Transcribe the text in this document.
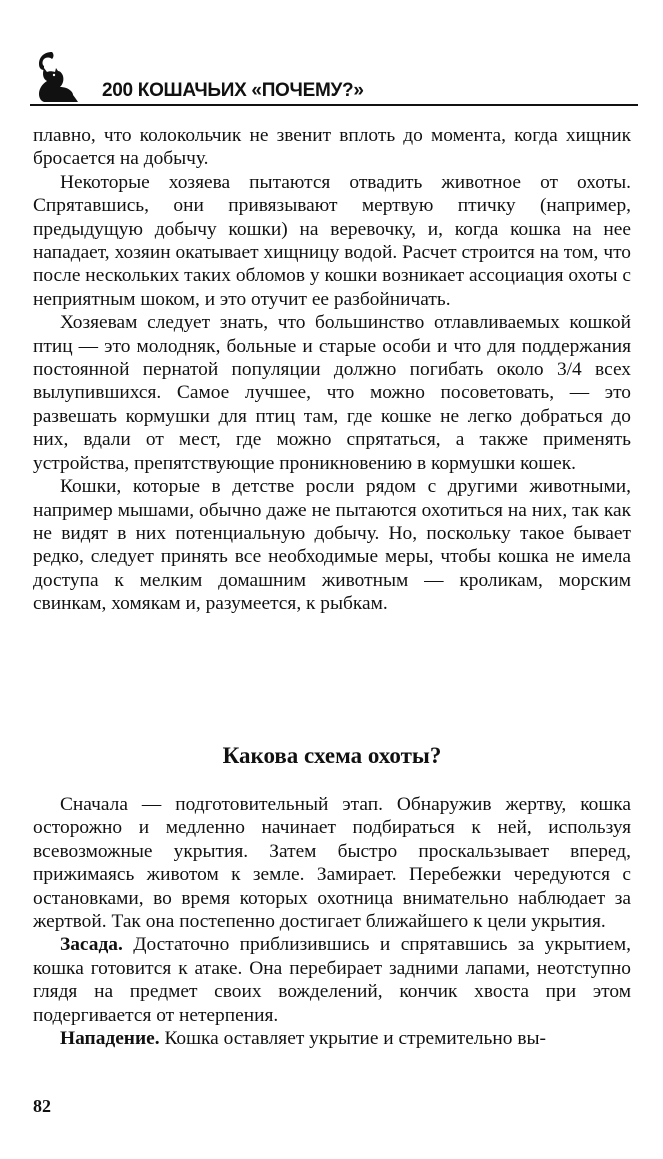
200 КОШАЧЬИХ «ПОЧЕМУ?»

плавно, что колокольчик не звенит вплоть до момента, когда хищник бросается на добычу.

Некоторые хозяева пытаются отвадить животное от охоты. Спрятавшись, они привязывают мертвую птичку (например, предыдущую добычу кошки) на веревочку, и, когда кошка на нее нападает, хозяин окатывает хищницу водой. Расчет строится на том, что после нескольких таких обломов у кошки возникает ассоциация охоты с неприятным шоком, и это отучит ее разбойничать.

Хозяевам следует знать, что большинство отлавливаемых кошкой птиц — это молодняк, больные и старые особи и что для поддержания постоянной пернатой популяции должно погибать около 3/4 всех вылупившихся. Самое лучшее, что можно посоветовать, — это развешать кормушки для птиц там, где кошке не легко добраться до них, вдали от мест, где можно спрятаться, а также применять устройства, препятствующие проникновению в кормушки кошек.

Кошки, которые в детстве росли рядом с другими животными, например мышами, обычно даже не пытаются охотиться на них, так как не видят в них потенциальную добычу. Но, поскольку такое бывает редко, следует принять все необходимые меры, чтобы кошка не имела доступа к мелким домашним животным — кроликам, морским свинкам, хомякам и, разумеется, к рыбкам.

Какова схема охоты?

Сначала — подготовительный этап. Обнаружив жертву, кошка осторожно и медленно начинает подбираться к ней, используя всевозможные укрытия. Затем быстро проскальзывает вперед, прижимаясь животом к земле. Замирает. Перебежки чередуются с остановками, во время которых охотница внимательно наблюдает за жертвой. Так она постепенно достигает ближайшего к цели укрытия.

Засада. Достаточно приблизившись и спрятавшись за укрытием, кошка готовится к атаке. Она перебирает задними лапами, неотступно глядя на предмет своих вожделений, кончик хвоста при этом подергивается от нетерпения.

Нападение. Кошка оставляет укрытие и стремительно вы-

82
